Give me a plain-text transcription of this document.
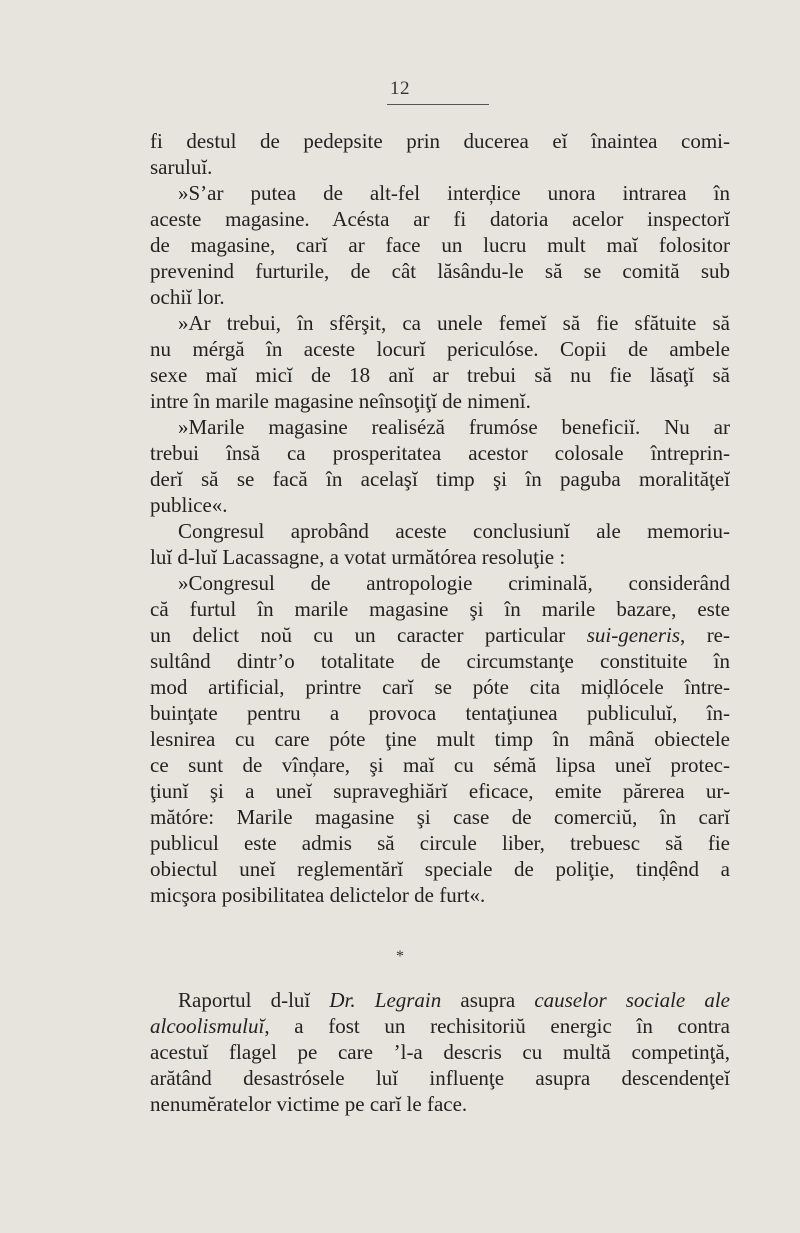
12
fi destul de pedepsite prin ducerea eĭ înaintea comi-
saruluĭ.
»S’ar putea de alt-fel interḑice unora intrarea în
aceste magasine. Acésta ar fi datoria acelor inspectorĭ
de magasine, carĭ ar face un lucru mult maĭ folositor
prevenind furturile, de cât lăsându-le să se comită sub
ochiĭ lor.
»Ar trebui, în sfêrşit, ca unele femeĭ să fie sfătuite să
nu mérgă în aceste locurĭ periculóse. Copii de ambele
sexe maĭ micĭ de 18 anĭ ar trebui să nu fie lăsaţĭ să
intre în marile magasine neînsoţiţĭ de nimenĭ.
»Marile magasine realiséză frumóse beneficiĭ. Nu ar
trebui însă ca prosperitatea acestor colosale întreprin-
derĭ să se facă în acelaşĭ timp şi în paguba moralităţeĭ
publice«.
Congresul aprobând aceste conclusiunĭ ale memoriu-
luĭ d-luĭ Lacassagne, a votat următórea resoluţie :
»Congresul de antropologie criminală, considerând
că furtul în marile magasine şi în marile bazare, este
un delict noŭ cu un caracter particular sui-generis, re-
sultând dintr’o totalitate de circumstanţe constituite în
mod artificial, printre carĭ se póte cita miḑlócele între-
buinţate pentru a provoca tentaţiunea publiculuĭ, în-
lesnirea cu care póte ţine mult timp în mână obiectele
ce sunt de vînḑare, şi maĭ cu sémă lipsa uneĭ protec-
ţiunĭ şi a uneĭ supraveghiărĭ eficace, emite părerea ur-
mătóre: Marile magasine şi case de comerciŭ, în carĭ
publicul este admis să circule liber, trebuesc să fie
obiectul uneĭ reglementărĭ speciale de poliţie, tinḑênd a
micşora posibilitatea delictelor de furt«.
*
Raportul d-luĭ Dr. Legrain asupra causelor sociale ale
alcoolismuluĭ, a fost un rechisitoriŭ energic în contra
acestuĭ flagel pe care ’l-a descris cu multă competinţă,
arătând desastrósele luĭ influenţe asupra descendenţeĭ
nenumĕratelor victime pe carĭ le face.
